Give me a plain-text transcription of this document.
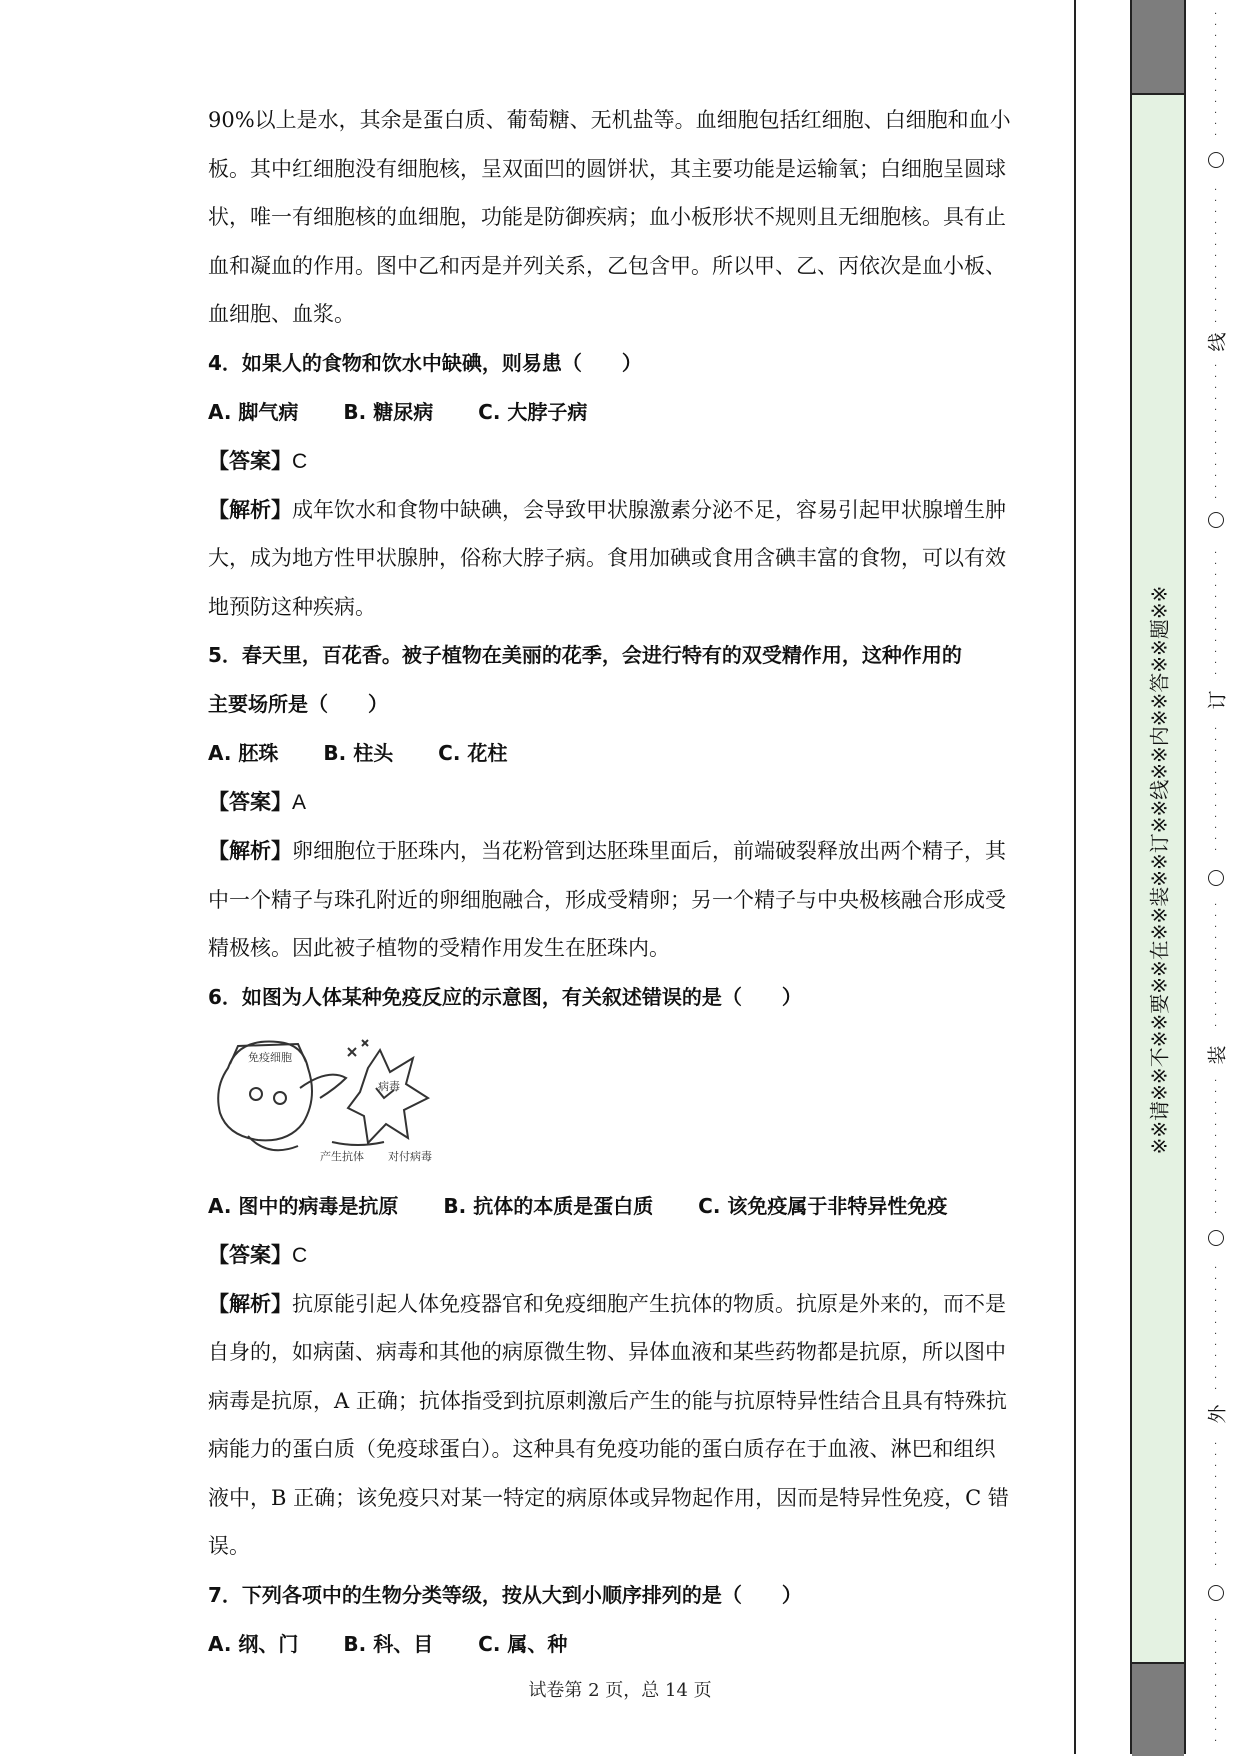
90%以上是水，其余是蛋白质、葡萄糖、无机盐等。血细胞包括红细胞、白细胞和血小

板。其中红细胞没有细胞核，呈双面凹的圆饼状，其主要功能是运输氧；白细胞呈圆球

状，唯一有细胞核的血细胞，功能是防御疾病；血小板形状不规则且无细胞核。具有止

血和凝血的作用。图中乙和丙是并列关系，乙包含甲。所以甲、乙、丙依次是血小板、

血细胞、血浆。

4．如果人的食物和饮水中缺碘，则易患（　　）

A. 脚气病 B. 糖尿病 C. 大脖子病

【答案】C

【解析】成年饮水和食物中缺碘，会导致甲状腺激素分泌不足，容易引起甲状腺增生肿

大，成为地方性甲状腺肿，俗称大脖子病。食用加碘或食用含碘丰富的食物，可以有效

地预防这种疾病。

5．春天里，百花香。被子植物在美丽的花季，会进行特有的双受精作用，这种作用的

主要场所是（　　）

A. 胚珠 B. 柱头 C. 花柱

【答案】A

【解析】卵细胞位于胚珠内，当花粉管到达胚珠里面后，前端破裂释放出两个精子，其

中一个精子与珠孔附近的卵细胞融合，形成受精卵；另一个精子与中央极核融合形成受

精极核。因此被子植物的受精作用发生在胚珠内。

6．如图为人体某种免疫反应的示意图，有关叙述错误的是（　　）

免疫细胞
病毒
产生抗体 对付病毒

A. 图中的病毒是抗原 B. 抗体的本质是蛋白质 C. 该免疫属于非特异性免疫

【答案】C

【解析】抗原能引起人体免疫器官和免疫细胞产生抗体的物质。抗原是外来的，而不是

自身的，如病菌、病毒和其他的病原微生物、异体血液和某些药物都是抗原，所以图中

病毒是抗原，A 正确；抗体指受到抗原刺激后产生的能与抗原特异性结合且具有特殊抗

病能力的蛋白质（免疫球蛋白）。这种具有免疫功能的蛋白质存在于血液、淋巴和组织

液中，B 正确；该免疫只对某一特定的病原体或异物起作用，因而是特异性免疫，C 错

误。

7．下列各项中的生物分类等级，按从大到小顺序排列的是（　　）

A. 纲、门 B. 科、目 C. 属、种

试卷第 2 页，总 14 页
※※请※※不※※要※※在※※装※※订※※线※※内※※答※※题※※
线
订
装
外
·
·
·
·
·
·
·
·
·
·
·
·
·
·
·
·
·
·
·
·
·
·
·
·
·
·
·
·
·
·
·
·
·
·
·
·
·
·
·
·
·
·
·
·
·
·
·
·
·
·
·
·
·
·
·
·
·
·
·
·
·
·
·
·
·
·
·
·
·
·
·
·
·
·
·
·
·
·
·
·
·
·
·
·
·
·
·
·
·
·
·
·
·
·
·
·
·
·
·
·
·
·
·
·
·
·
·
·
·
·
·
·
·
·
·
·
·
·
·
·
·
·
·
